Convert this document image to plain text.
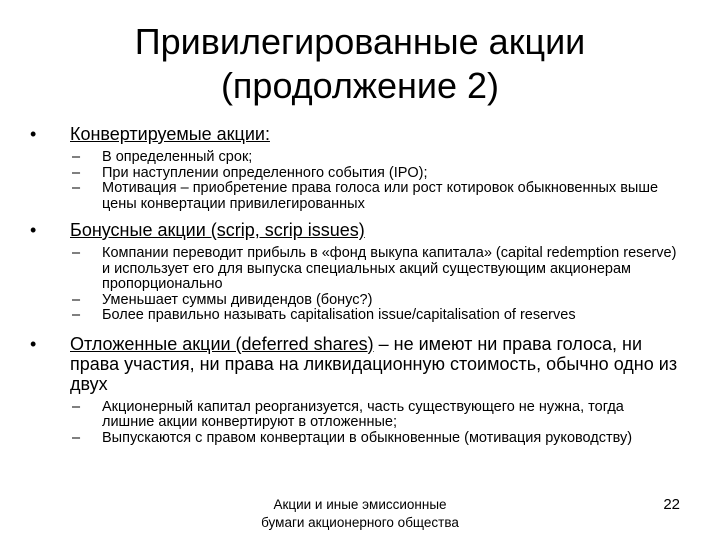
Привилегированные акции
(продолжение 2)
•	Конвертируемые акции:
– В определенный срок;
– При наступлении определенного события (IPO);
– Мотивация – приобретение права голоса или рост котировок обыкновенных выше цены конвертации привилегированных
•	Бонусные акции (scrip, scrip issues)
– Компании переводит прибыль в «фонд выкупа капитала» (capital redemption reserve) и использует его для выпуска специальных акций существующим акционерам пропорционально
– Уменьшает суммы дивидендов (бонус?)
– Более правильно называть capitalisation issue/capitalisation of reserves
•	Отложенные акции (deferred shares) – не имеют ни права голоса, ни права участия, ни права на ликвидационную стоимость, обычно одно из двух
– Акционерный капитал реорганизуется, часть существующего не нужна, тогда лишние акции конвертируют в отложенные;
– Выпускаются с правом конвертации в обыкновенные (мотивация руководству)
Акции и иные эмиссионные
бумаги акционерного общества
22
